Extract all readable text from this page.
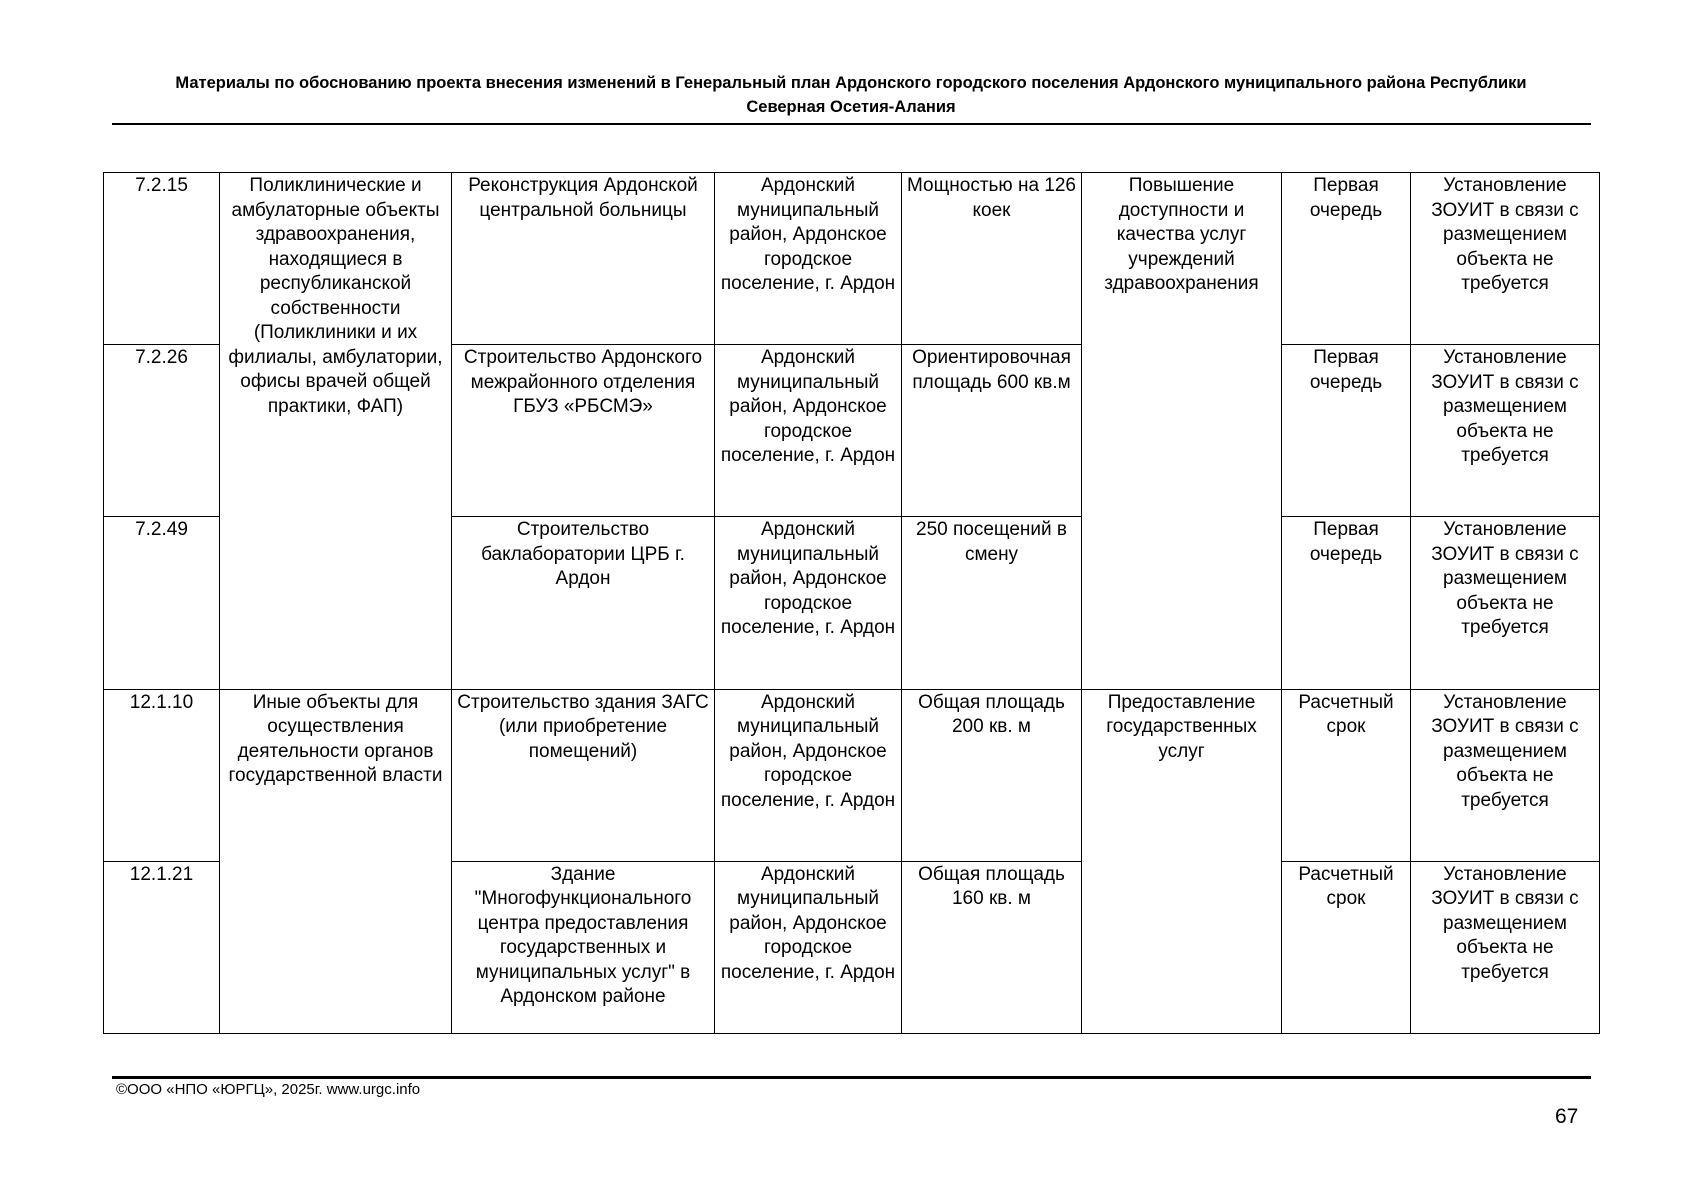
Материалы по обоснованию проекта внесения изменений в Генеральный план Ардонского городского поселения Ардонского муниципального района Республики
Северная Осетия-Алания
7.2.15	Поликлинические и амбулаторные объекты здравоохранения, находящиеся в республиканской собственности (Поликлиники и их филиалы, амбулатории, офисы врачей общей практики, ФАП)	Реконструкция Ардонской центральной больницы	Ардонский муниципальный район, Ардонское городское поселение, г. Ардон	Мощностью на 126 коек	Повышение доступности и качества услуг учреждений здравоохранения	Первая очередь	Установление ЗОУИТ в связи с размещением объекта не требуется
7.2.26		Строительство Ардонского межрайонного отделения ГБУЗ «РБСМЭ»	Ардонский муниципальный район, Ардонское городское поселение, г. Ардон	Ориентировочная площадь 600 кв.м		Первая очередь	Установление ЗОУИТ в связи с размещением объекта не требуется
7.2.49		Строительство баклаборатории ЦРБ г. Ардон	Ардонский муниципальный район, Ардонское городское поселение, г. Ардон	250 посещений в смену		Первая очередь	Установление ЗОУИТ в связи с размещением объекта не требуется
12.1.10	Иные объекты для осуществления деятельности органов государственной власти	Строительство здания ЗАГС (или приобретение помещений)	Ардонский муниципальный район, Ардонское городское поселение, г. Ардон	Общая площадь 200 кв. м	Предоставление государственных услуг	Расчетный срок	Установление ЗОУИТ в связи с размещением объекта не требуется
12.1.21		Здание "Многофункционального центра предоставления государственных и муниципальных услуг" в Ардонском районе	Ардонский муниципальный район, Ардонское городское поселение, г. Ардон	Общая площадь 160 кв. м		Расчетный срок	Установление ЗОУИТ в связи с размещением объекта не требуется
©ООО «НПО «ЮРГЦ», 2025г. www.urgc.info
67
